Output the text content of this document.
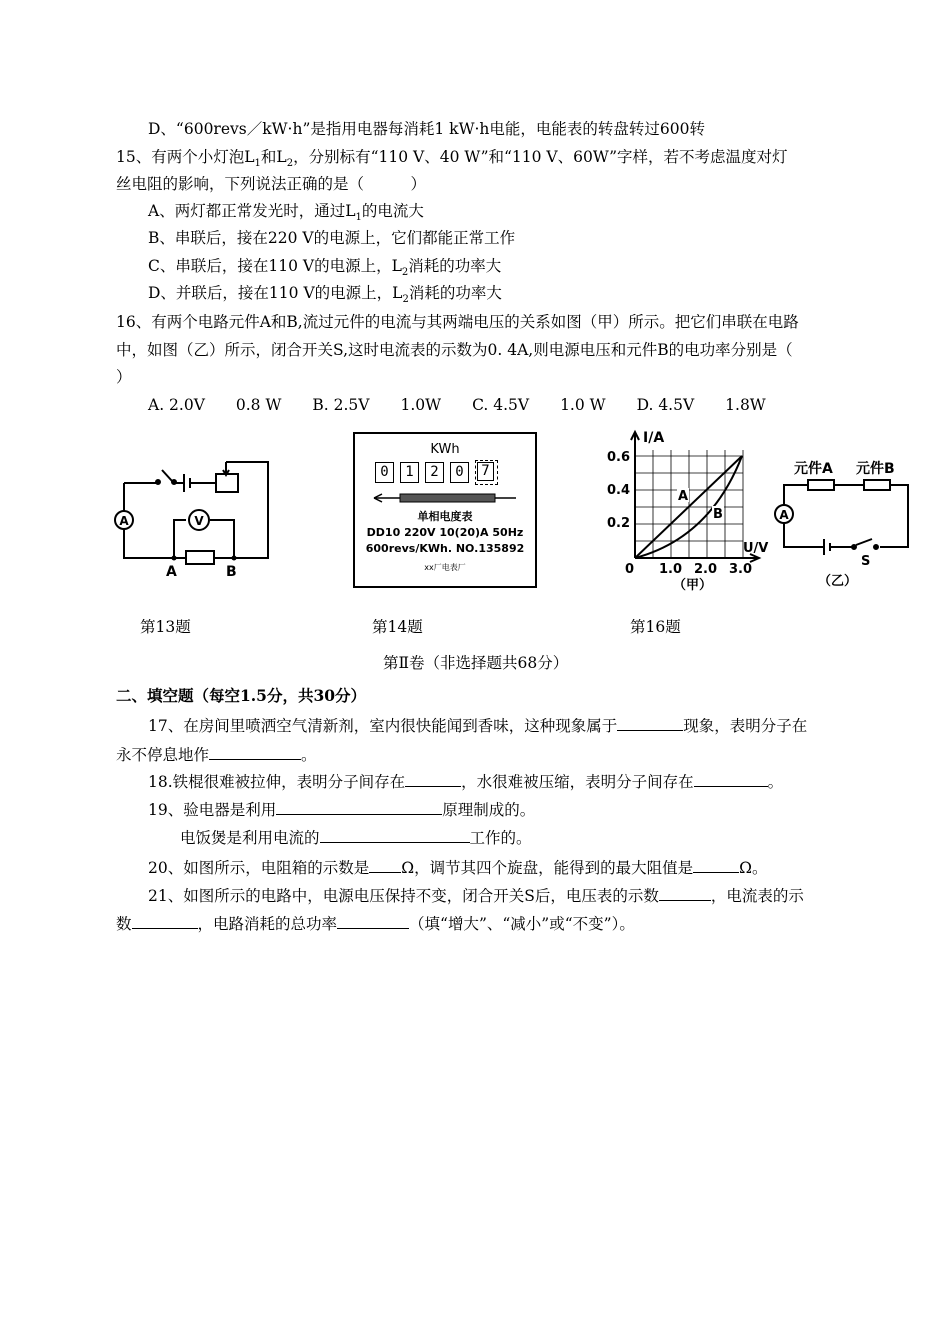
D、“600revs／kW·h”是指用电器每消耗1 kW·h电能，电能表的转盘转过600转
15、有两个小灯泡$L_1$和$L_2$，分别标有“110 V、40 W”和“110 V、60W”字样，若不考虑温度对灯
丝电阻的影响，下列说法正确的是（　　　）
A、两灯都正常发光时，通过$L_1$的电流大
B、串联后，接在220 V的电源上，它们都能正常工作
C、串联后，接在110 V的电源上，$L_2$消耗的功率大
D、并联后，接在110 V的电源上，$L_2$消耗的功率大
16、有两个电路元件A和B,流过元件的电流与其两端电压的关系如图（甲）所示。把它们串联在电路
中，如图（乙）所示，闭合开关S,这时电流表的示数为0. 4A,则电源电压和元件B的电功率分别是（
）
A. 2.0V　　0.8 W　　B. 2.5V　　1.0W　　C. 4.5V　　1.0 W　　D. 4.5V　　1.8W
A	V
A	B
KWh
0	1	2	0	7
单相电度表
DD10 220V 10(20)A 50Hz
600revs/KWh. NO.135892
xx厂电表厂
I/A
U/V
0.6
0.4
0.2
0 1.0 2.0 3.0
A
B
（甲）
A
元件A 元件B
S
（乙）
第13题	第14题	第16题
第Ⅱ卷（非选择题共68分）
二、填空题（每空1.5分，共30分）
17、在房间里喷洒空气清新剂，室内很快能闻到香味，这种现象属于	现象，表明分子在
永不停息地作	。
18.铁棍很难被拉伸，表明分子间存在	，水很难被压缩，表明分子间存在	。
19、验电器是利用	原理制成的。
电饭煲是利用电流的	工作的。
20、如图所示，电阻箱的示数是 Ω，调节其四个旋盘，能得到的最大阻值是	Ω。
21、如图所示的电路中，电源电压保持不变，闭合开关S后，电压表的示数	，电流表的示
数	，电路消耗的总功率	（填“增大”、“减小”或“不变”）。
